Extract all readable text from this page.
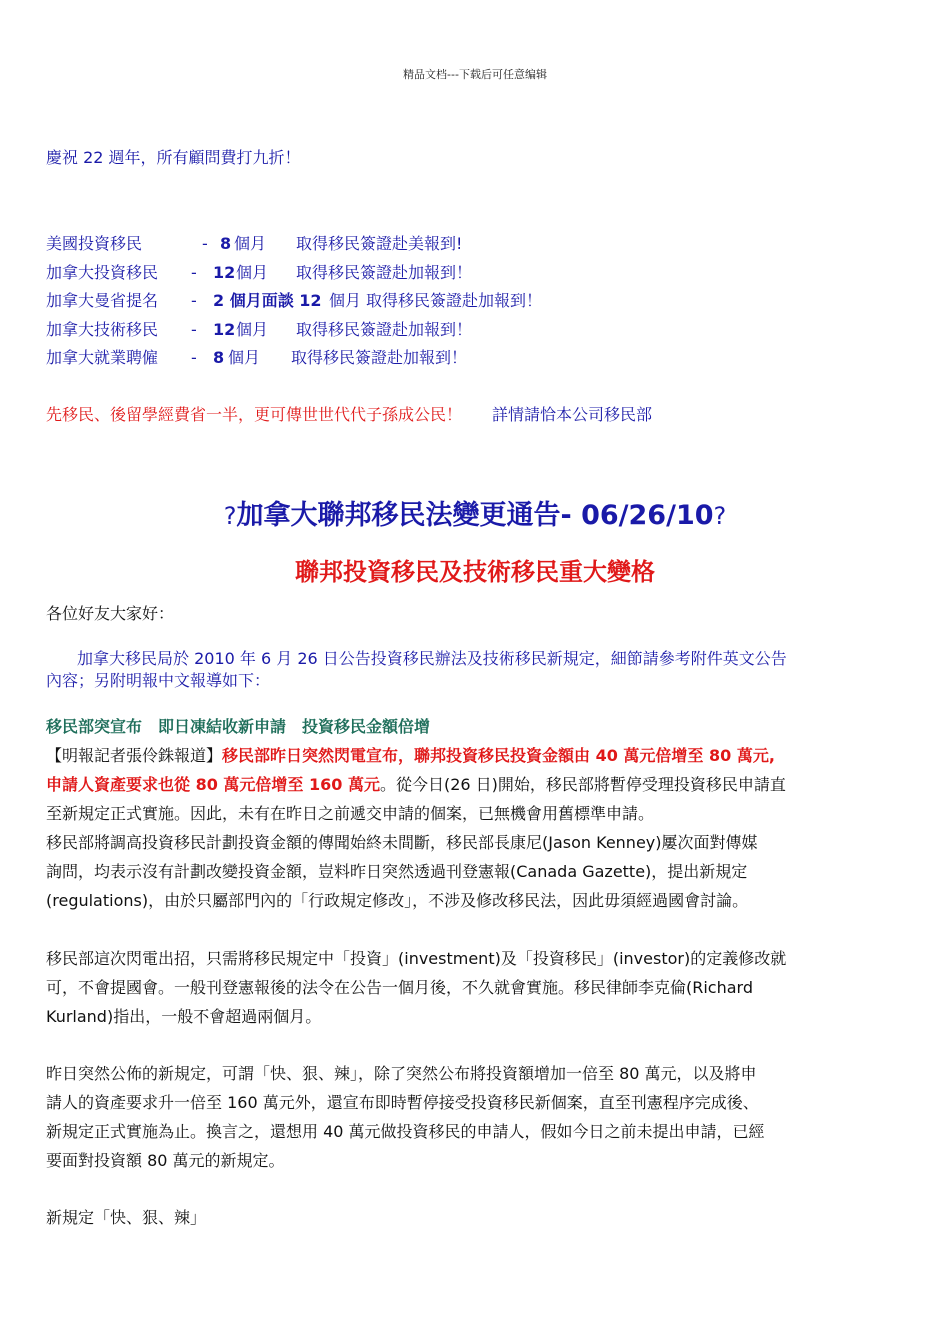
精品文档---下载后可任意编辑
慶祝 22 週年，所有顧問費打九折！
美國投資移民	- 8 個月 取得移民簽證赴美報到!
加拿大投資移民 - 12 個月 取得移民簽證赴加報到！
加拿大曼省提名 - 2 個月面談 12 個月 取得移民簽證赴加報到！
加拿大技術移民 - 12 個月 取得移民簽證赴加報到！
加拿大就業聘僱 - 8 個月 取得移民簽證赴加報到！
先移民、後留學經費省一半，更可傳世世代代子孫成公民！ 詳情請恰本公司移民部
?加拿大聯邦移民法變更通告- 06/26/10?
聯邦投資移民及技術移民重大變格
各位好友大家好：
加拿大移民局於 2010 年 6 月 26 日公告投資移民辦法及技術移民新規定，細節請參考附件英文公告
內容；另附明報中文報導如下：
移民部突宣布　即日凍結收新申請　投資移民金額倍增
【明報記者張伶銖報道】移民部昨日突然閃電宣布，聯邦投資移民投資金額由 40 萬元倍增至 80 萬元,
申請人資產要求也從 80 萬元倍增至 160 萬元。從今日(26 日)開始，移民部將暫停受理投資移民申請直
至新規定正式實施。因此，未有在昨日之前遞交申請的個案，已無機會用舊標準申請。
移民部將調高投資移民計劃投資金額的傳聞始終未間斷，移民部長康尼(Jason Kenney)屢次面對傳媒
詢問，均表示沒有計劃改變投資金額，豈料昨日突然透過刊登憲報(Canada Gazette)，提出新規定
(regulations)，由於只屬部門內的「行政規定修改」，不涉及修改移民法，因此毋須經過國會討論。
移民部這次閃電出招，只需將移民規定中「投資」(investment)及「投資移民」(investor)的定義修改就
可，不會提國會。一般刊登憲報後的法令在公告一個月後，不久就會實施。移民律師李克倫(Richard
Kurland)指出，一般不會超過兩個月。
昨日突然公佈的新規定，可謂「快、狠、辣」，除了突然公布將投資額增加一倍至 80 萬元，以及將申
請人的資產要求升一倍至 160 萬元外，還宣布即時暫停接受投資移民新個案，直至刊憲程序完成後、
新規定正式實施為止。換言之，還想用 40 萬元做投資移民的申請人，假如今日之前未提出申請，已經
要面對投資額 80 萬元的新規定。
新規定「快、狠、辣」
